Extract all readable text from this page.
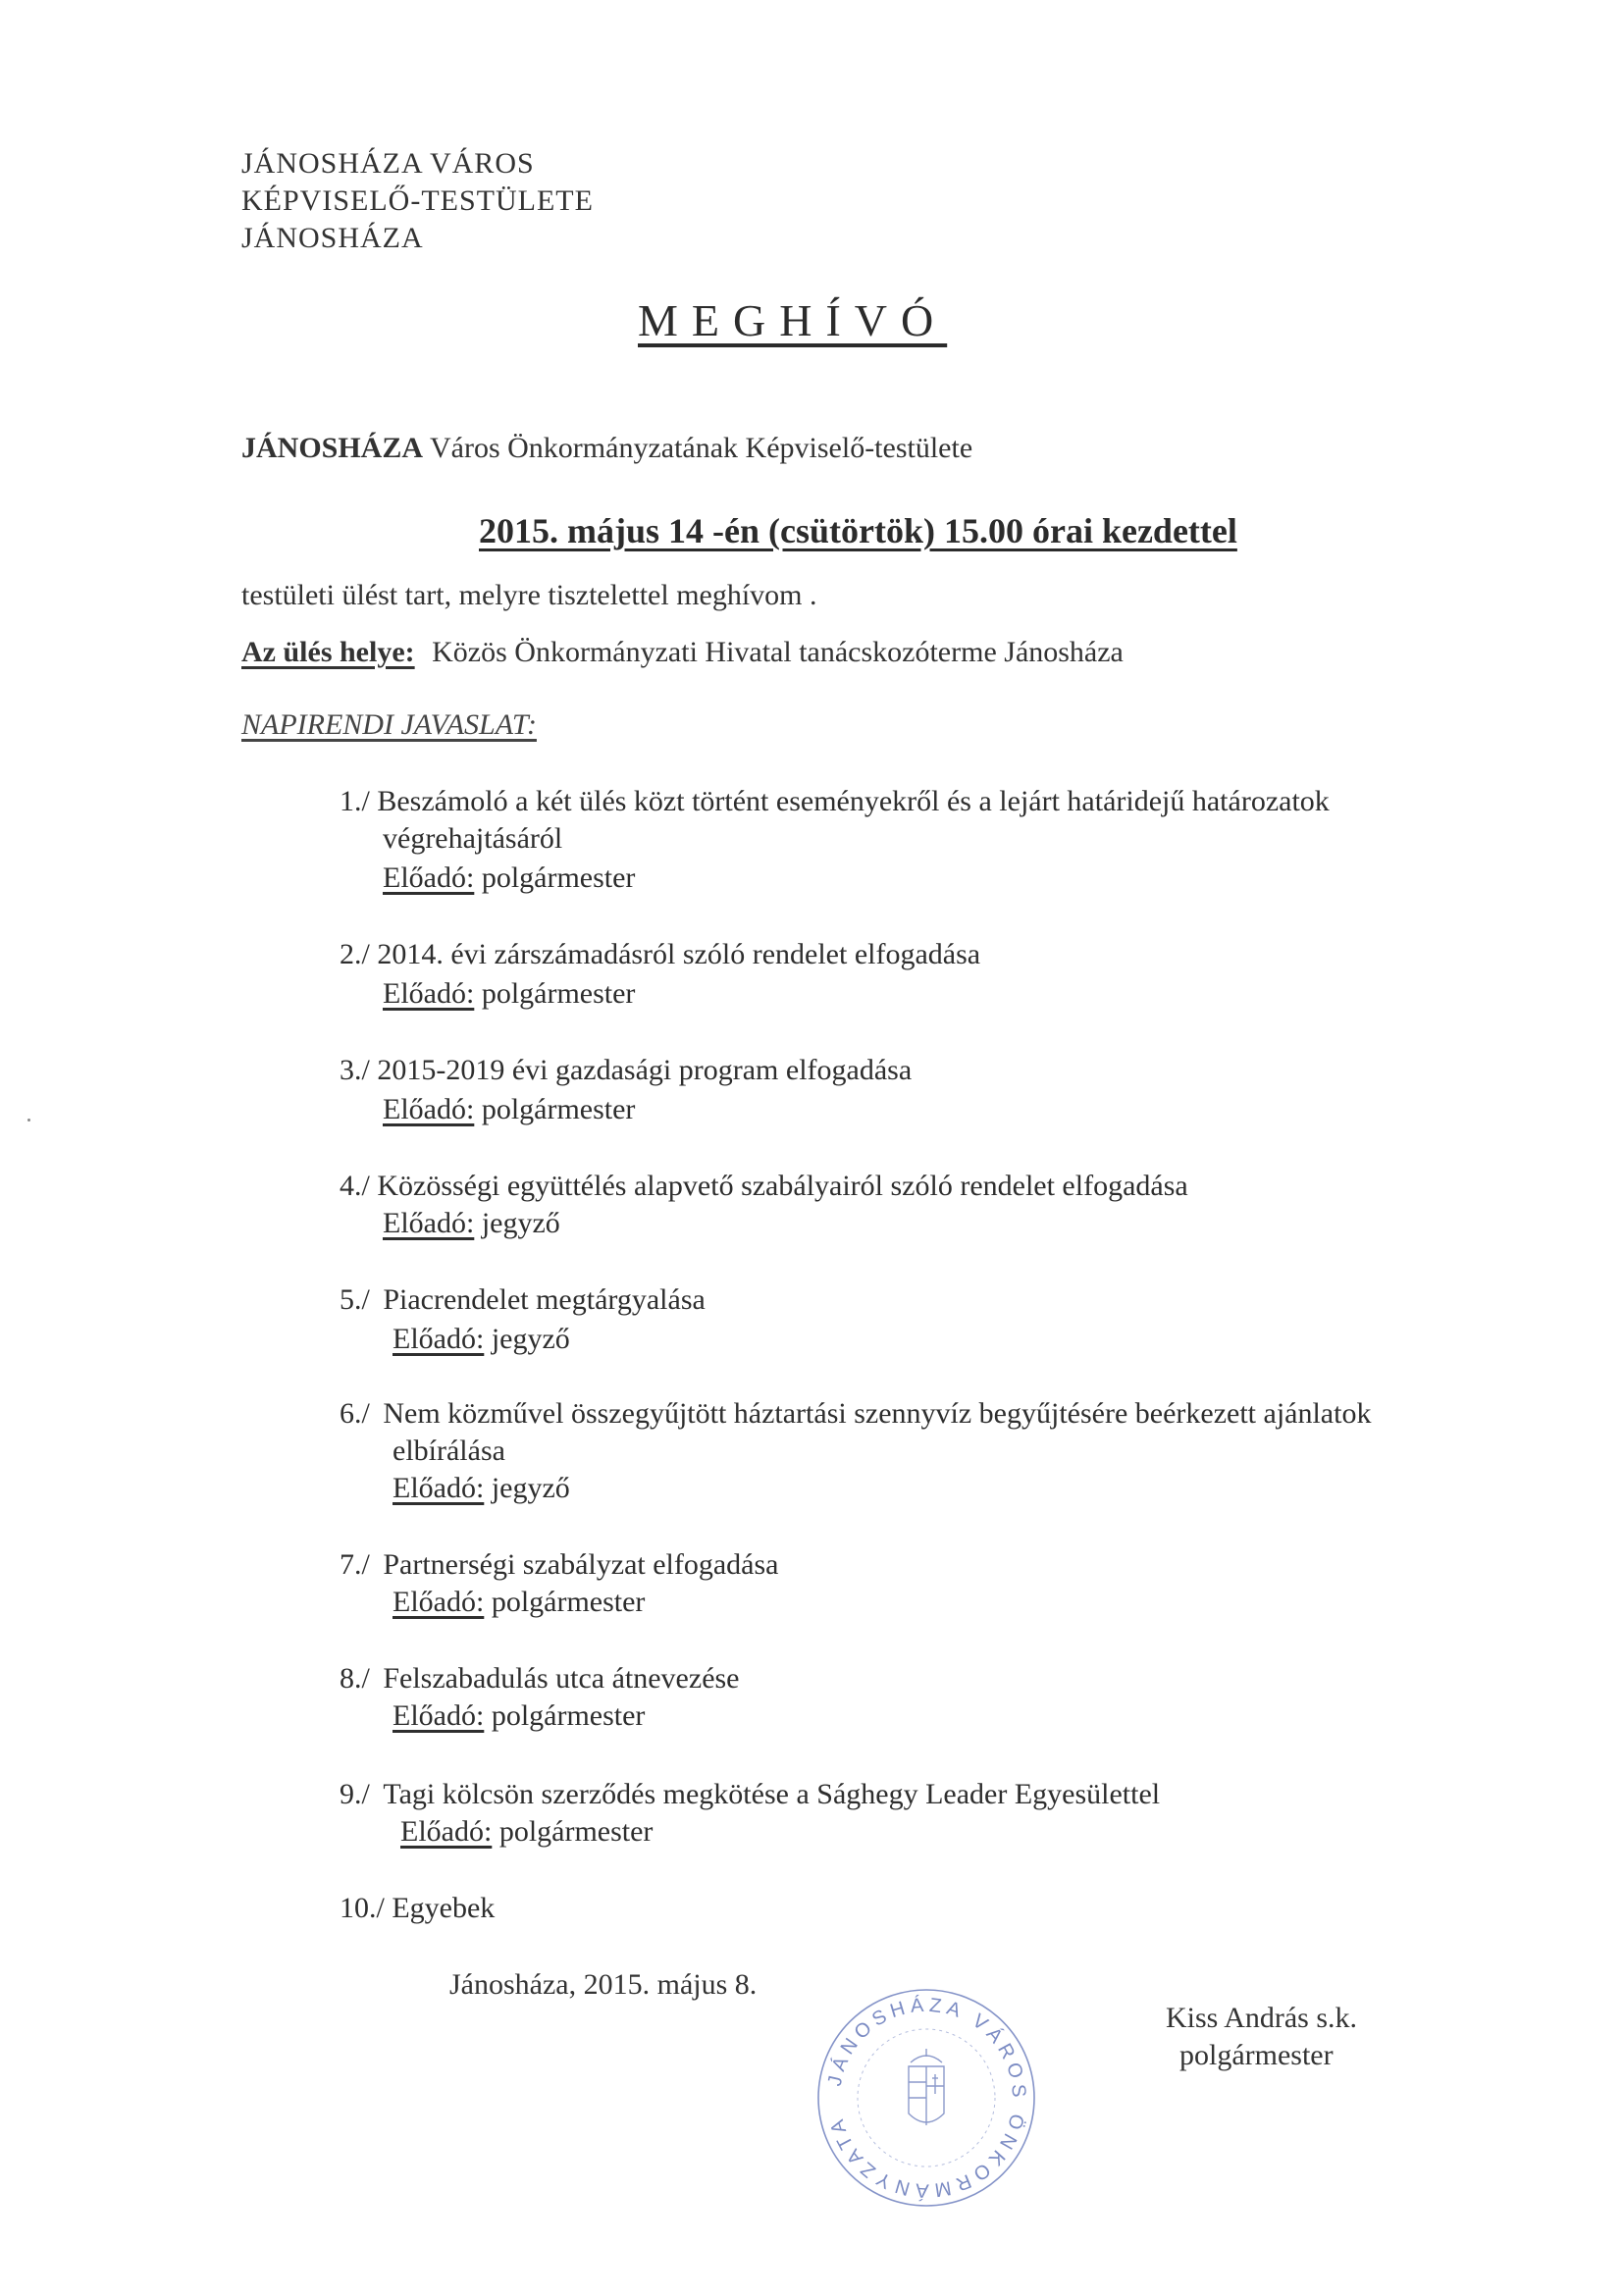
JÁNOSHÁZA VÁROS
KÉPVISELŐ-TESTÜLETE
JÁNOSHÁZA
MEGHÍVÓ
JÁNOSHÁZA Város Önkormányzatának Képviselő-testülete
2015. május 14 -én (csütörtök) 15.00 órai kezdettel
testületi ülést tart, melyre tisztelettel meghívom .
Az ülés helye: Közös Önkormányzati Hivatal tanácskozóterme Jánosháza
NAPIRENDI JAVASLAT:
1./ Beszámoló a két ülés közt történt eseményekről és a lejárt határidejű határozatok
végrehajtásáról
Előadó: polgármester
2./ 2014. évi zárszámadásról szóló rendelet elfogadása
Előadó: polgármester
3./ 2015-2019 évi gazdasági program elfogadása
Előadó: polgármester
4./ Közösségi együttélés alapvető szabályairól szóló rendelet elfogadása
Előadó: jegyző
5./ Piacrendelet megtárgyalása
Előadó: jegyző
6./ Nem közművel összegyűjtött háztartási szennyvíz begyűjtésére beérkezett ajánlatok
elbírálása
Előadó: jegyző
7./ Partnerségi szabályzat elfogadása
Előadó: polgármester
8./ Felszabadulás utca átnevezése
Előadó: polgármester
9./ Tagi kölcsön szerződés megkötése a Sághegy Leader Egyesülettel
Előadó: polgármester
10./ Egyebek
Jánosháza, 2015. május 8.
Kiss András s.k.
polgármester
JÁNOSHÁZA VÁROS ÖNKORMÁNYZATA
